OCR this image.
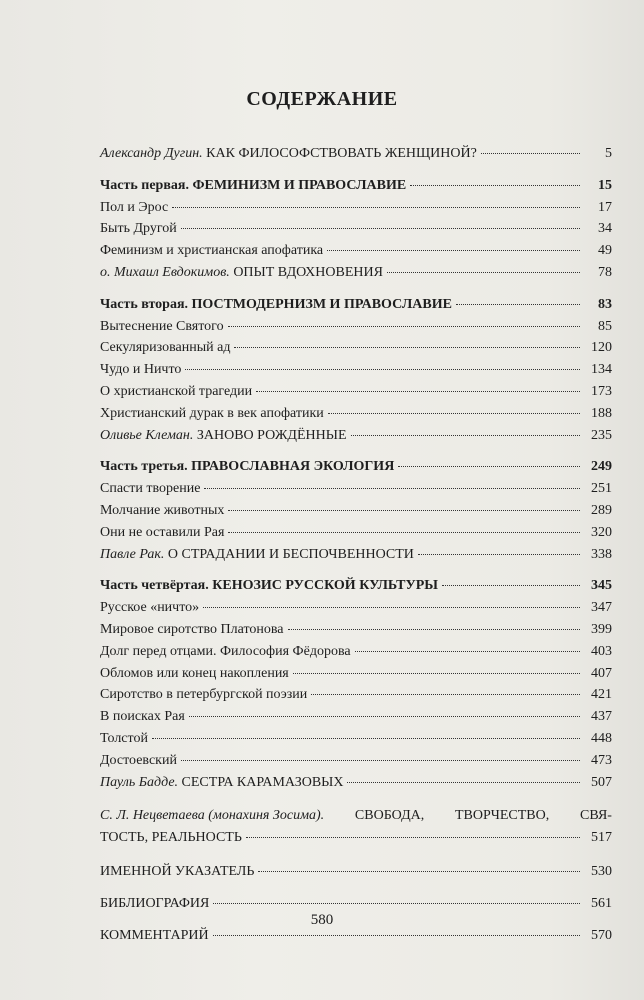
СОДЕРЖАНИЕ
Александр Дугин. КАК ФИЛОСОФСТВОВАТЬ ЖЕНЩИНОЙ?	5
Часть первая. ФЕМИНИЗМ И ПРАВОСЛАВИЕ	15
Пол и Эрос	17
Быть Другой	34
Феминизм и христианская апофатика	49
о. Михаил Евдокимов. ОПЫТ ВДОХНОВЕНИЯ	78
Часть вторая. ПОСТМОДЕРНИЗМ И ПРАВОСЛАВИЕ	83
Вытеснение Святого	85
Секуляризованный ад	120
Чудо и Ничто	134
О христианской трагедии	173
Христианский дурак в век апофатики	188
Оливье Клеман. ЗАНОВО РОЖДЁННЫЕ	235
Часть третья. ПРАВОСЛАВНАЯ ЭКОЛОГИЯ	249
Спасти творение	251
Молчание животных	289
Они не оставили Рая	320
Павле Рак. О СТРАДАНИИ И БЕСПОЧВЕННОСТИ	338
Часть четвёртая. КЕНОЗИС РУССКОЙ КУЛЬТУРЫ	345
Русское «ничто»	347
Мировое сиротство Платонова	399
Долг перед отцами. Философия Фёдорова	403
Обломов или конец накопления	407
Сиротство в петербургской поэзии	421
В поисках Рая	437
Толстой	448
Достоевский	473
Пауль Бадде. СЕСТРА КАРАМАЗОВЫХ	507
С. Л. Нецветаева (монахиня Зосима). СВОБОДА, ТВОРЧЕСТВО, СВЯ-
ТОСТЬ, РЕАЛЬНОСТЬ	517
ИМЕННОЙ УКАЗАТЕЛЬ	530
БИБЛИОГРАФИЯ	561
КОММЕНТАРИЙ	570
580
